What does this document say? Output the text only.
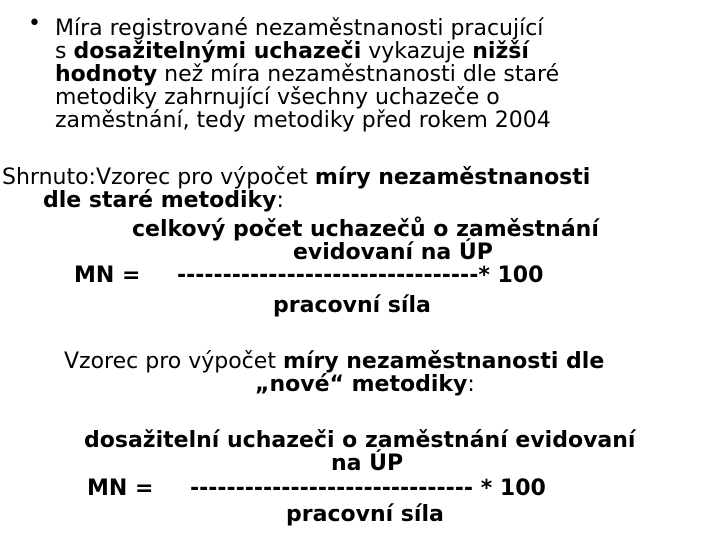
• Míra registrované nezaměstnanosti pracující
s dosažitelnými uchazeči vykazuje nižší
hodnoty než míra nezaměstnanosti dle staré
metodiky zahrnující všechny uchazeče o
zaměstnání, tedy metodiky před rokem 2004
Shrnuto:Vzorec pro výpočet míry nezaměstnanosti
dle staré metodiky:
celkový počet uchazečů o zaměstnání
evidovaní na ÚP
MN = ---------------------------------* 100
pracovní síla
Vzorec pro výpočet míry nezaměstnanosti dle
„nové“ metodiky:
dosažitelní uchazeči o zaměstnání evidovaní
na ÚP
MN = ------------------------------- * 100
pracovní síla
